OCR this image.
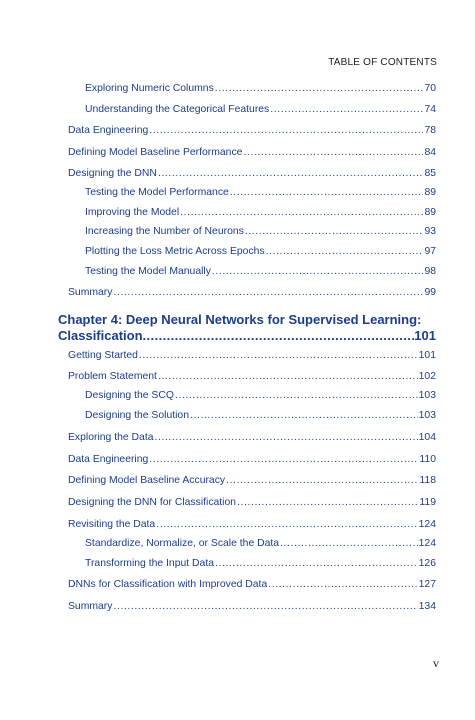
TABLE OF CONTENTS
Exploring Numeric Columns .....	70
Understanding the Categorical Features .....	74
Data Engineering .....	78
Defining Model Baseline Performance .....	84
Designing the DNN .....	85
Testing the Model Performance .....	89
Improving the Model .....	89
Increasing the Number of Neurons .....	93
Plotting the Loss Metric Across Epochs .....	97
Testing the Model Manually .....	98
Summary .....	99
Chapter 4: Deep Neural Networks for Supervised Learning:
Classification .....	101
Getting Started .....	101
Problem Statement .....	102
Designing the SCQ .....	103
Designing the Solution .....	103
Exploring the Data .....	104
Data Engineering .....	110
Defining Model Baseline Accuracy .....	118
Designing the DNN for Classification .....	119
Revisiting the Data .....	124
Standardize, Normalize, or Scale the Data .....	124
Transforming the Input Data .....	126
DNNs for Classification with Improved Data .....	127
Summary .....	134
v
